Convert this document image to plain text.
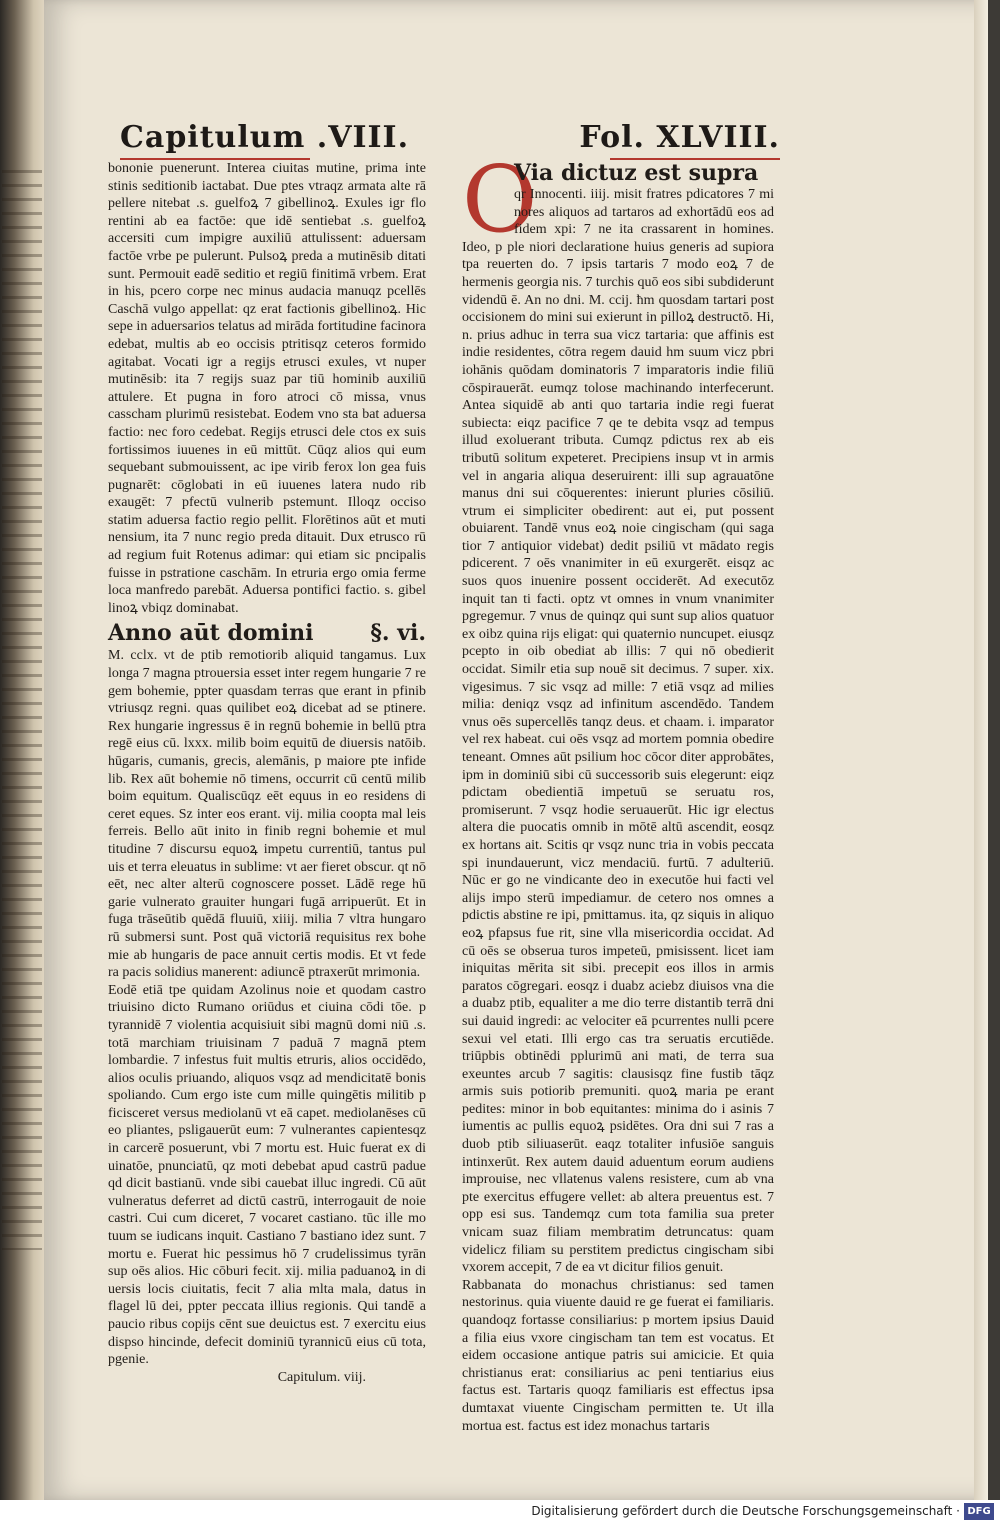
Capitulum .VIII.	Fol. XLVIII.

bononie puenerunt. Interea ciuitas mutine, prima inte stinis seditionib iactabat. Due ptes vtraqz armata alte rā pellere nitebat .s. guelfoꝝ 7 gibellinoꝝ. Exules igr flo rentini ab ea factōe: que idē sentiebat .s. guelfoꝝ accersiti cum impigre auxiliū attulissent: aduersam factōe vrbe pe pulerunt. Pulsoꝝ preda a mutinēsib ditati sunt. Permouit eadē seditio et regiū finitimā vrbem. Erat in his, pcero corpe nec minus audacia manuqz pcellēs Caschā vulgo appellat: qz erat factionis gibellinoꝝ. Hic sepe in aduersarios telatus ad mirāda fortitudine facinora edebat, multis ab eo occisis ptritisqz ceteros formido agitabat. Vocati igr a regijs etrusci exules, vt nuper mutinēsib: ita 7 regijs suaz par tiū hominib auxiliū attulere. Et pugna in foro atroci cō missa, vnus casscham plurimū resistebat. Eodem vno sta bat aduersa factio: nec foro cedebat. Regijs etrusci dele ctos ex suis fortissimos iuuenes in eū mittūt. Cūqz alios qui eum sequebant submouissent, ac ipe virib ferox lon gea fuis pugnarēt: cōglobati in eū iuuenes latera nudo rib exaugēt: 7 pfectū vulnerib pstemunt. Illoqz occiso statim aduersa factio regio pellit. Florētinos aūt et muti nensium, ita 7 nunc regio preda ditauit. Dux etrusco rū ad regium fuit Rotenus adimar: qui etiam sic pncipalis fuisse in pstratione caschām. In etruria ergo omia ferme loca manfredo parebāt. Aduersa pontifici factio. s. gibel linoꝝ vbiqz dominabat.

Anno aūt domini	§. vi.

M. cclx. vt de ptib remotiorib aliquid tangamus. Lux longa 7 magna ptrouersia esset inter regem hungarie 7 re gem bohemie, ppter quasdam terras que erant in pfinib vtriusqz regni. quas quilibet eoꝝ dicebat ad se ptinere. Rex hungarie ingressus ē in regnū bohemie in bellū ptra regē eius cū. lxxx. milib boim equitū de diuersis natōib. hūgaris, cumanis, grecis, alemānis, p maiore pte infide lib. Rex aūt bohemie nō timens, occurrit cū centū milib boim equitum. Qualiscūqz eēt equus in eo residens di ceret eques. Sz inter eos erant. vij. milia coopta mal leis ferreis. Bello aūt inito in finib regni bohemie et mul titudine 7 discursu equoꝝ impetu currentiū, tantus pul uis et terra eleuatus in sublime: vt aer fieret obscur. qt nō eēt, nec alter alterū cognoscere posset. Lādē rege hū garie vulnerato grauiter hungari fugā arripuerūt. Et in fuga trāseūtib quēdā fluuiū, xiiij. milia 7 vltra hungaro rū submersi sunt. Post quā victoriā requisitus rex bohe mie ab hungaris de pace annuit certis modis. Et vt fede ra pacis solidius manerent: adiuncē ptraxerūt mrimonia.

Eodē etiā tpe quidam Azolinus noie et quodam castro triuisino dicto Rumano oriūdus et ciuina cōdi tōe. p tyrannidē 7 violentia acquisiuit sibi magnū domi niū .s. totā marchiam triuisinam 7 paduā 7 magnā ptem lombardie. 7 infestus fuit multis etruris, alios occidēdo, alios oculis priuando, aliquos vsqz ad mendicitatē bonis spoliando. Cum ergo iste cum mille quingētis militib p ficisceret versus mediolanū vt eā capet. mediolanēses cū eo pliantes, psligauerūt eum: 7 vulnerantes capientesqz in carcerē posuerunt, vbi 7 mortu est. Huic fuerat ex di uinatōe, pnunciatū, qz moti debebat apud castrū padue qd dicit bastianū. vnde sibi cauebat illuc ingredi. Cū aūt vulneratus deferret ad dictū castrū, interrogauit de noie castri. Cui cum diceret, 7 vocaret castiano. tūc ille mo tuum se iudicans inquit. Castiano 7 bastiano idez sunt. 7 mortu e. Fuerat hic pessimus hō 7 crudelissimus tyrān sup oēs alios. Hic cōburi fecit. xij. milia paduanoꝝ in di uersis locis ciuitatis, fecit 7 alia mlta mala, datus in flagel lū dei, ppter peccata illius regionis. Qui tandē a paucio ribus copijs cēnt sue deuictus est. 7 exercitu eius dispso hincinde, defecit dominiū tyrannicū eius cū tota, pgenie.

Capitulum. viij.

O
Via dictuz est supra

qr Innocenti. iiij. misit fratres pdicatores 7 mi nores aliquos ad tartaros ad exhortādū eos ad fidem xpi: 7 ne ita crassarent in homines. Ideo, p ple niori declaratione huius generis ad supiora tpa reuerten do. 7 ipsis tartaris 7 modo eoꝝ 7 de hermenis georgia nis. 7 turchis quō eos sibi subdiderunt videndū ē. An no dni. M. ccij. ħm quosdam tartari post occisionem do mini sui exierunt in pilloꝝ destructō. Hi, n. prius adhuc in terra sua vicz tartaria: que affinis est indie residentes, cōtra regem dauid hm suum vicz pbri iohānis quōdam dominatoris 7 imparatoris indie filiū cōspirauerāt. eumqz tolose machinando interfecerunt. Antea siquidē ab anti quo tartaria indie regi fuerat subiecta: eiqz pacifice 7 qe te debita vsqz ad tempus illud exoluerant tributa. Cumqz pdictus rex ab eis tributū solitum expeteret. Precipiens insup vt in armis vel in angaria aliqua deseruirent: illi sup agrauatōne manus dni sui cōquerentes: inierunt pluries cōsiliū. vtrum ei simpliciter obedirent: aut ei, put possent obuiarent. Tandē vnus eoꝝ noie cingischam (qui saga tior 7 antiquior videbat) dedit psiliū vt mādato regis pdicerent. 7 oēs vnanimiter in eū exurgerēt. eisqz ac suos quos inuenire possent occiderēt. Ad executōz inquit tan ti facti. optz vt omnes in vnum vnanimiter pgregemur. 7 vnus de quinqz qui sunt sup alios quatuor ex oibz quina rijs eligat: qui quaternio nuncupet. eiusqz pcepto in oib obediat ab illis: 7 qui nō obedierit occidat. Similr etia sup nouē sit decimus. 7 super. xix. vigesimus. 7 sic vsqz ad mille: 7 etiā vsqz ad milies milia: deniqz vsqz ad infinitum ascendēdo. Tandem vnus oēs supercellēs tanqz deus. et chaam. i. imparator vel rex habeat. cui oēs vsqz ad mortem pomnia obedire teneant. Omnes aūt psilium hoc cōcor diter approbātes, ipm in dominiū sibi cū successorib suis elegerunt: eiqz pdictam obedientiā impetuū se seruatu ros, promiserunt. 7 vsqz hodie seruauerūt. Hic igr electus altera die puocatis omnib in mōtē altū ascendit, eosqz ex hortans ait. Scitis qr vsqz nunc tria in vobis peccata spi inundauerunt, vicz mendaciū. furtū. 7 adulteriū. Nūc er go ne vindicante deo in executōe hui facti vel alijs impo sterū impediamur. de cetero nos omnes a pdictis abstine re ipi, pmittamus. ita, qz siquis in aliquo eoꝝ pfapsus fue rit, sine vlla misericordia occidat. Ad cū oēs se obserua turos impeteū, pmisissent. licet iam iniquitas mērita sit sibi. precepit eos illos in armis paratos cōgregari. eosqz i duabz aciebz diuisos vna die a duabz ptib, equaliter a me dio terre distantib terrā dni sui dauid ingredi: ac velociter eā pcurrentes nulli pcere sexui vel etati. Illi ergo cas tra seruatis ercutiēde. triūpbis obtinēdi pplurimū ani mati, de terra sua exeuntes arcub 7 sagitis: clausisqz fine fustib tāqz armis suis potiorib premuniti. quoꝝ maria pe erant pedites: minor in bob equitantes: minima do i asinis 7 iumentis ac pullis equoꝝ psidētes. Ora dni sui 7 ras a duob ptib siliuaserūt. eaqz totaliter infusiōe sanguis intinxerūt. Rex autem dauid aduentum eorum audiens improuise, nec vllatenus valens resistere, cum ab vna pte exercitus effugere vellet: ab altera preuentus est. 7 opp esi sus. Tandemqz cum tota familia sua preter vnicam suaz filiam membratim detruncatus: quam videlicz filiam su perstitem predictus cingischam sibi vxorem accepit, 7 de ea vt dicitur filios genuit.

Rabbanata do monachus christianus: sed tamen nestorinus. quia viuente dauid re ge fuerat ei familiaris. quandoqz fortasse consiliarius: p mortem ipsius Dauid a filia eius vxore cingischam tan tem est vocatus. Et eidem occasione antique patris sui amicicie. Et quia christianus erat: consiliarius ac peni tentiarius eius factus est. Tartaris quoqz familiaris est effectus ipsa dumtaxat viuente Cingischam permitten te. Ut illa mortua est. factus est idez monachus tartaris

Digitalisierung gefördert durch die Deutsche Forschungsgemeinschaft · DFG
